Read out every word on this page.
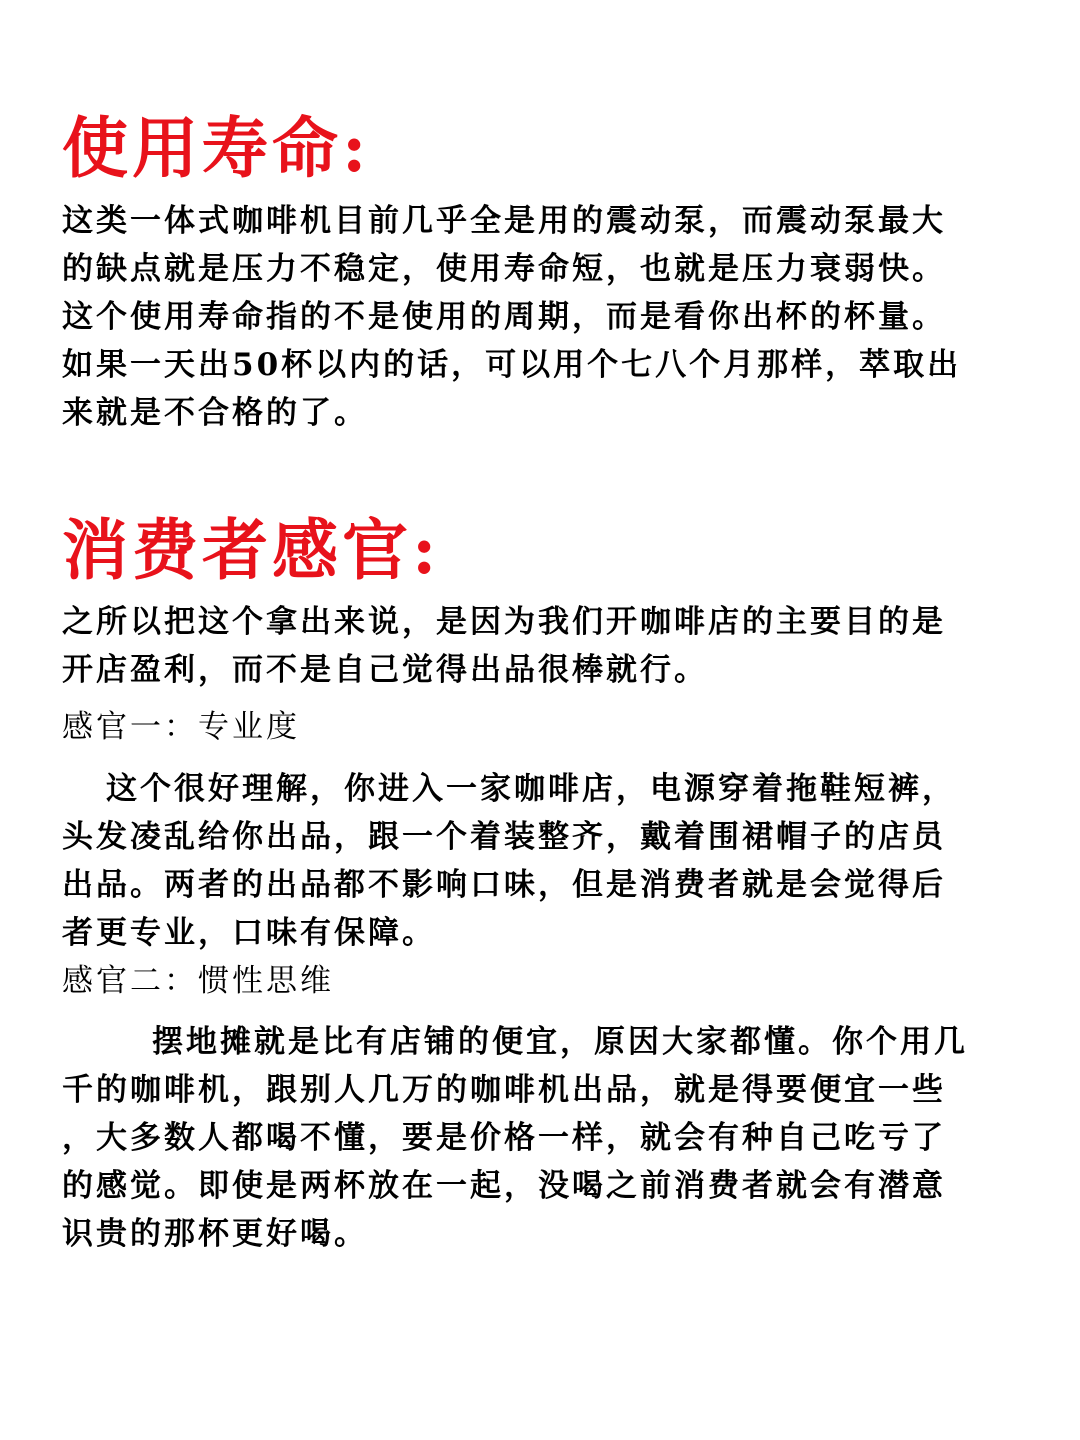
使用寿命:
这类一体式咖啡机目前几乎全是用的震动泵，而震动泵最大
的缺点就是压力不稳定，使用寿命短，也就是压力衰弱快。
这个使用寿命指的不是使用的周期，而是看你出杯的杯量。
如果一天出50杯以内的话，可以用个七八个月那样，萃取出
来就是不合格的了。
消费者感官:
之所以把这个拿出来说，是因为我们开咖啡店的主要目的是
开店盈利，而不是自己觉得出品很棒就行。
感官一：专业度
这个很好理解，你进入一家咖啡店，电源穿着拖鞋短裤，
头发凌乱给你出品，跟一个着装整齐，戴着围裙帽子的店员
出品。两者的出品都不影响口味，但是消费者就是会觉得后
者更专业，口味有保障。
感官二：惯性思维
摆地摊就是比有店铺的便宜，原因大家都懂。你个用几
千的咖啡机，跟别人几万的咖啡机出品，就是得要便宜一些
，大多数人都喝不懂，要是价格一样，就会有种自己吃亏了
的感觉。即使是两杯放在一起，没喝之前消费者就会有潜意
识贵的那杯更好喝。
